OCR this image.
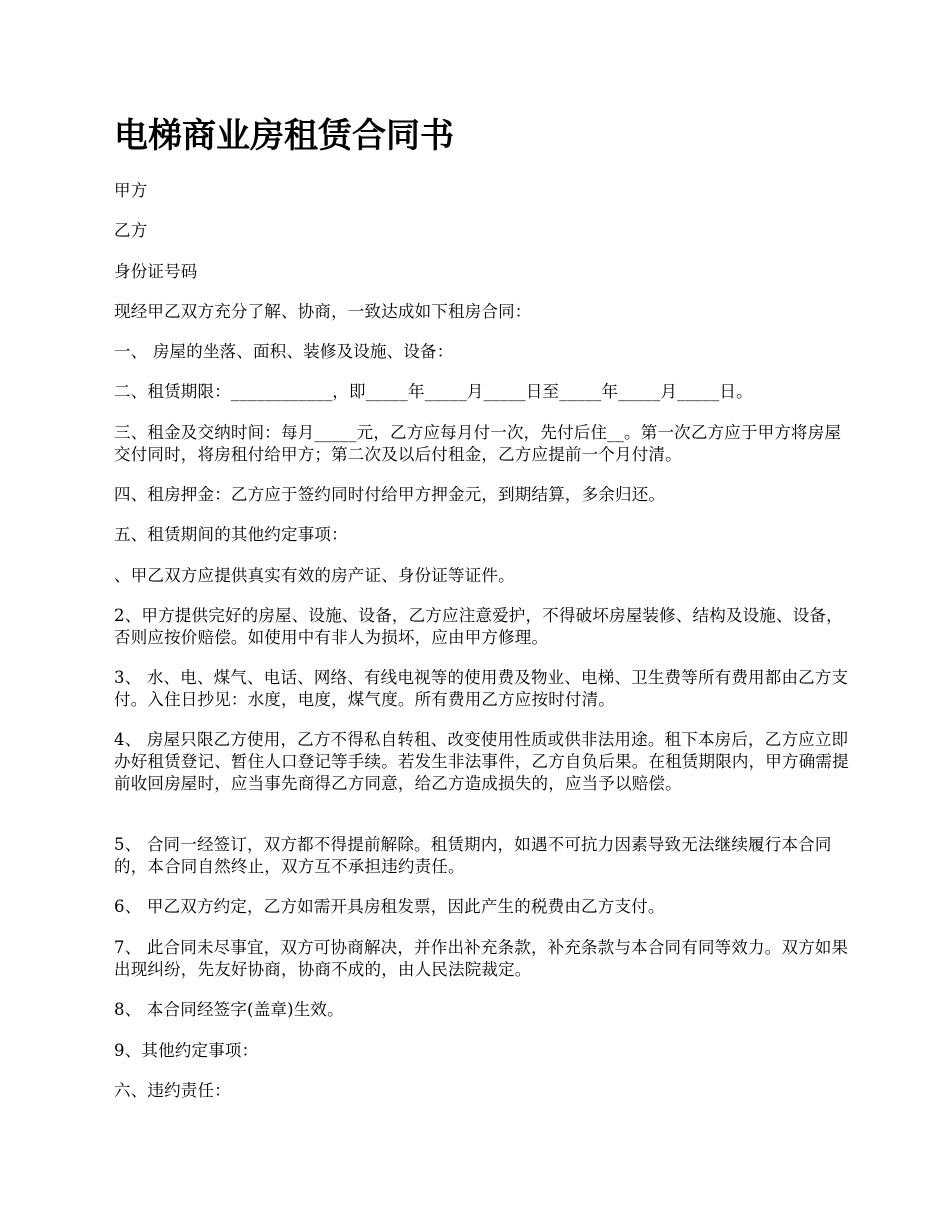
电梯商业房租赁合同书

甲方

乙方

身份证号码

现经甲乙双方充分了解、协商，一致达成如下租房合同：

一、 房屋的坐落、面积、装修及设施、设备：

二、租赁期限：____________，即_____年_____月_____日至_____年_____月_____日。

三、租金及交纳时间：每月_____元，乙方应每月付一次，先付后住__。第一次乙方应于甲方将房屋交付同时，将房租付给甲方；第二次及以后付租金，乙方应提前一个月付清。

四、租房押金：乙方应于签约同时付给甲方押金元，到期结算，多余归还。

五、租赁期间的其他约定事项：

、甲乙双方应提供真实有效的房产证、身份证等证件。

2、甲方提供完好的房屋、设施、设备，乙方应注意爱护，不得破坏房屋装修、结构及设施、设备，否则应按价赔偿。如使用中有非人为损坏，应由甲方修理。

3、 水、电、煤气、电话、网络、有线电视等的使用费及物业、电梯、卫生费等所有费用都由乙方支付。入住日抄见：水度，电度，煤气度。所有费用乙方应按时付清。

4、 房屋只限乙方使用，乙方不得私自转租、改变使用性质或供非法用途。租下本房后，乙方应立即办好租赁登记、暂住人口登记等手续。若发生非法事件，乙方自负后果。在租赁期限内，甲方确需提前收回房屋时，应当事先商得乙方同意，给乙方造成损失的，应当予以赔偿。

5、 合同一经签订，双方都不得提前解除。租赁期内，如遇不可抗力因素导致无法继续履行本合同的，本合同自然终止，双方互不承担违约责任。

6、 甲乙双方约定，乙方如需开具房租发票，因此产生的税费由乙方支付。

7、 此合同未尽事宜，双方可协商解决，并作出补充条款，补充条款与本合同有同等效力。双方如果出现纠纷，先友好协商，协商不成的，由人民法院裁定。

8、 本合同经签字(盖章)生效。

9、其他约定事项：

六、违约责任：
